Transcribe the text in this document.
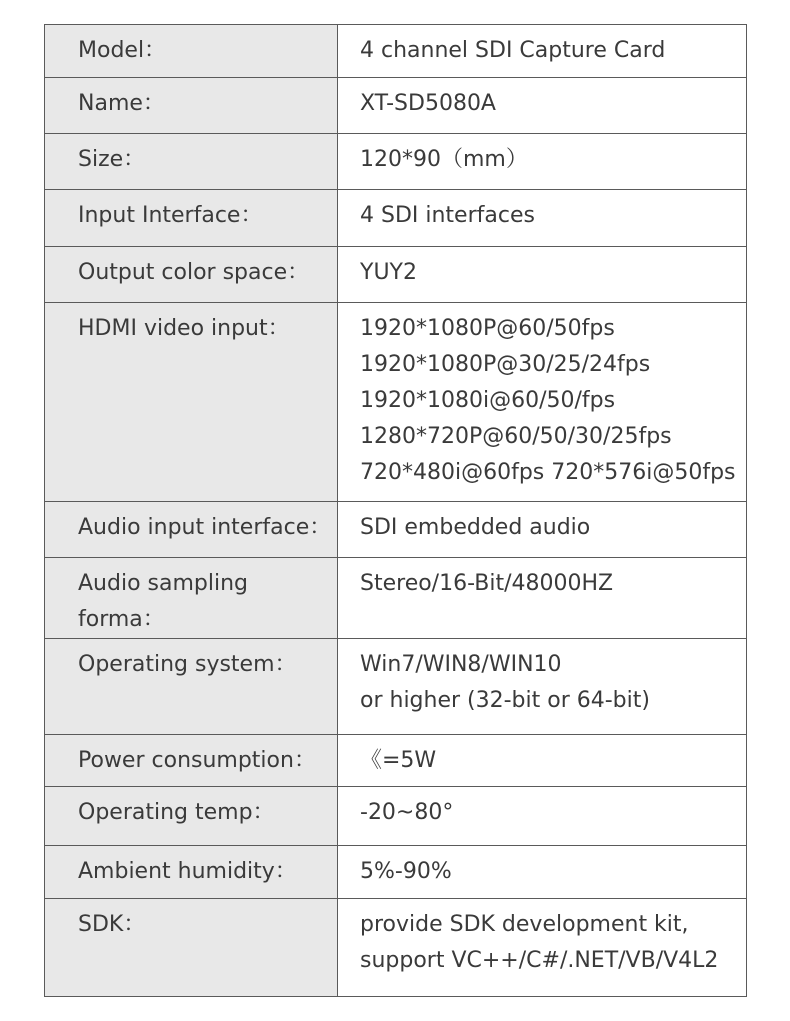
Model：	4 channel SDI Capture Card

Name：	XT-SD5080A

Size：	120*90（mm）

Input Interface：	4 SDI interfaces

Output color space：	YUY2

HDMI video input：	1920*1080P@60/50fps
1920*1080P@30/25/24fps
1920*1080i@60/50/fps
1280*720P@60/50/30/25fps
720*480i@60fps 720*576i@50fps

Audio input interface：	SDI embedded audio

Audio sampling forma：	Stereo/16-Bit/48000HZ

Operating system：	Win7/WIN8/WIN10
or higher (32-bit or 64-bit)

Power consumption：	《=5W

Operating temp：	-20~80°

Ambient humidity：	5%-90%

SDK：	provide SDK development kit,
support VC++/C#/.NET/VB/V4L2
